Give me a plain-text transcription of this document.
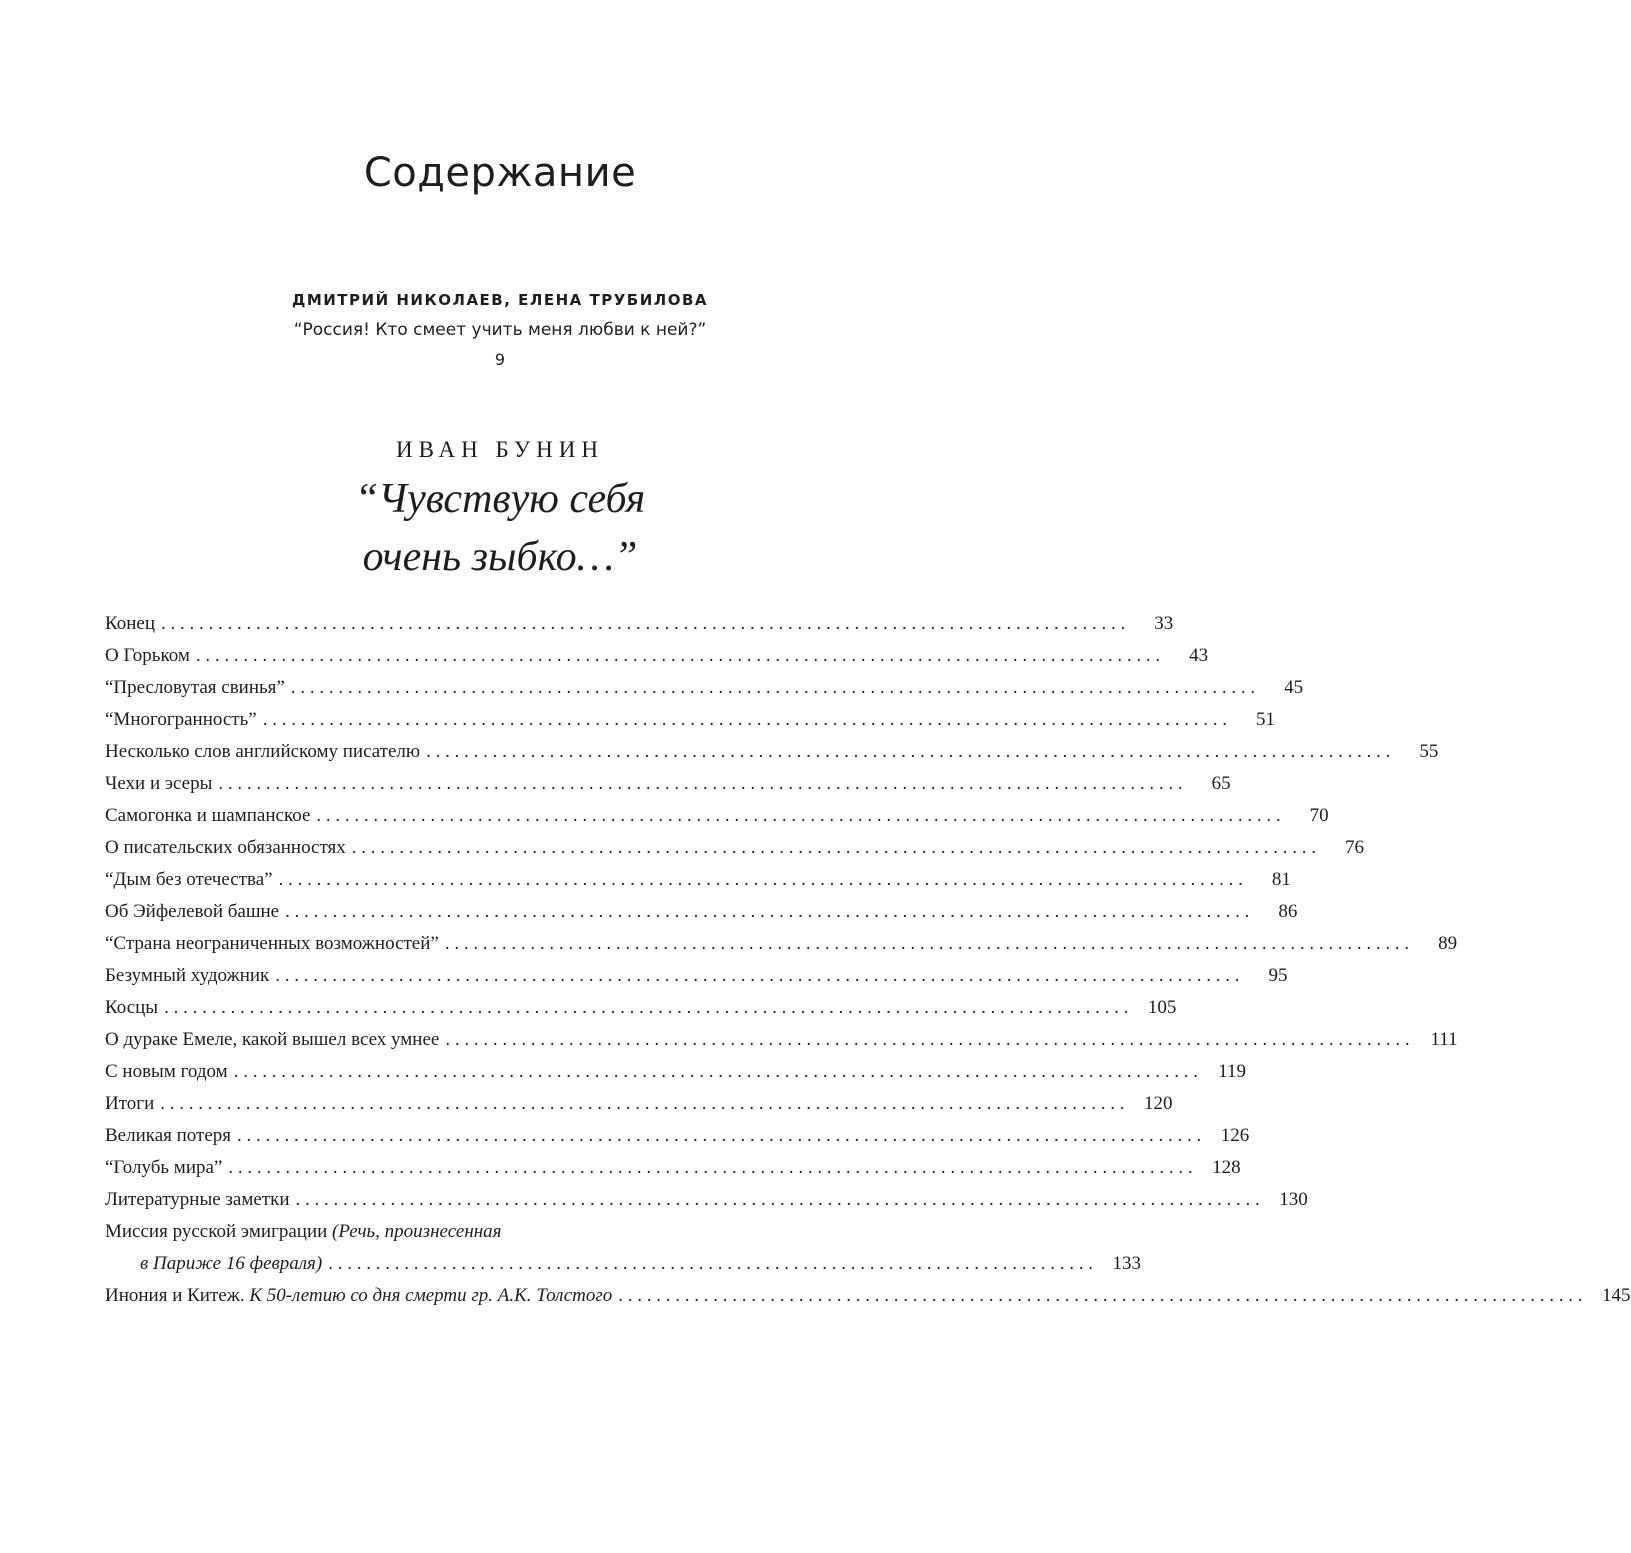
Содержание
ДМИТРИЙ НИКОЛАЕВ, ЕЛЕНА ТРУБИЛОВА
“Россия! Кто смеет учить меня любви к ней?”
9
ИВАН БУНИН
“Чувствую себя
очень зыбко…”
Конец . . .	33
О Горьком . . .	43
“Пресловутая свинья” . . .	45
“Многогранность” . . .	51
Несколько слов английскому писателю . . .	55
Чехи и эсеры . . .	65
Самогонка и шампанское . . .	70
О писательских обязанностях . . .	76
“Дым без отечества” . . .	81
Об Эйфелевой башне . . .	86
“Страна неограниченных возможностей” . . .	89
Безумный художник . . .	95
Косцы . . .	105
О дураке Емеле, какой вышел всех умнее . . .	111
С новым годом . . .	119
Итоги . . .	120
Великая потеря . . .	126
“Голубь мира” . . .	128
Литературные заметки . . .	130
Миссия русской эмиграции (Речь, произнесенная
в Париже 16 февраля) . . .	133
Инония и Китеж. К 50-летию со дня смерти гр. А.К. Толстого . . .	145
